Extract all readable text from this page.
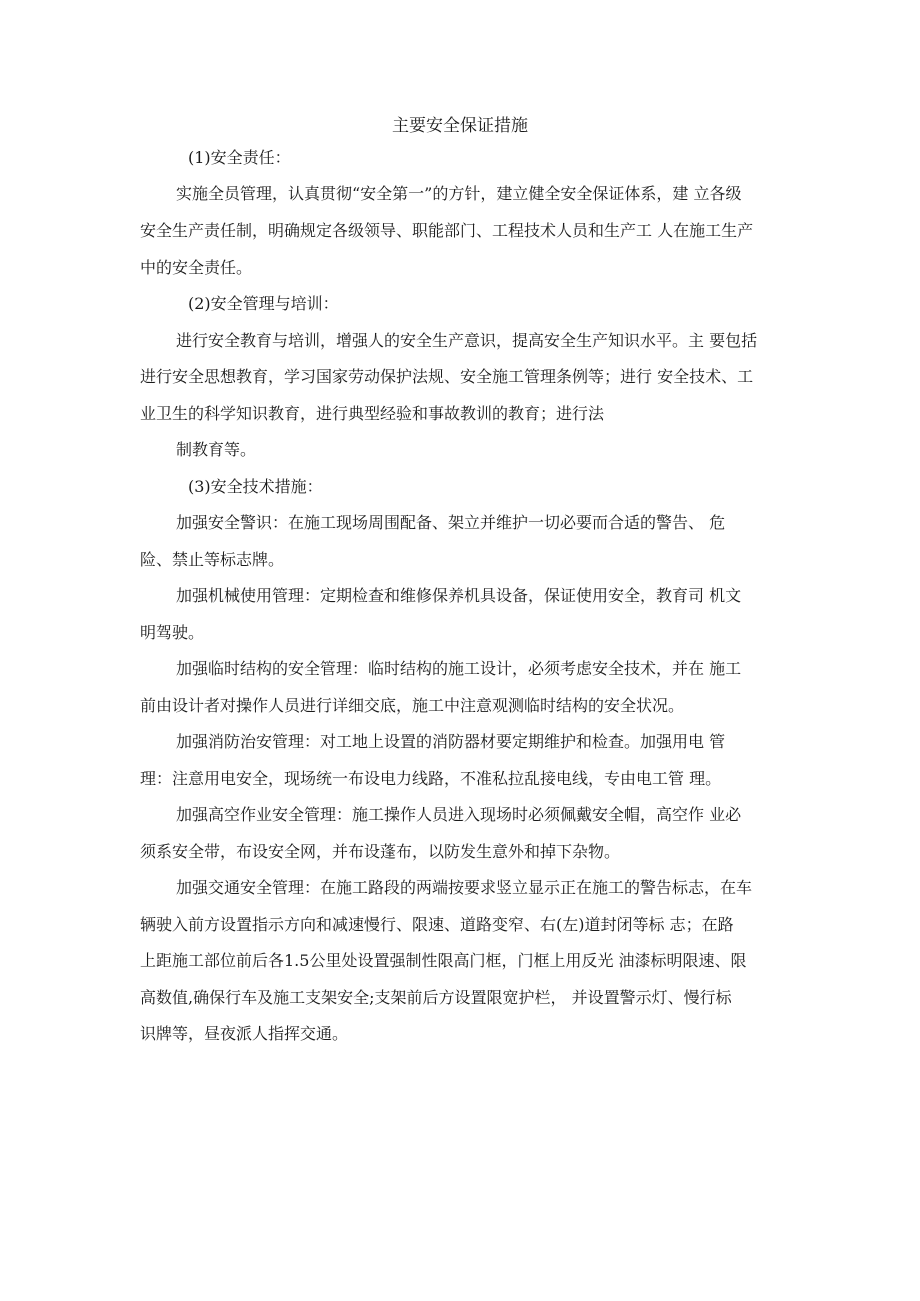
主要安全保证措施
(1)安全责任：
实施全员管理，认真贯彻“安全第一”的方针，建立健全安全保证体系，建 立各级
安全生产责任制，明确规定各级领导、职能部门、工程技术人员和生产工 人在施工生产
中的安全责任。
(2)安全管理与培训：
进行安全教育与培训，增强人的安全生产意识，提高安全生产知识水平。主 要包括
进行安全思想教育，学习国家劳动保护法规、安全施工管理条例等；进行 安全技术、工
业卫生的科学知识教育，进行典型经验和事故教训的教育；进行法
制教育等。
(3)安全技术措施：
加强安全警识：在施工现场周围配备、架立并维护一切必要而合适的警告、 危
险、禁止等标志牌。
加强机械使用管理：定期检查和维修保养机具设备，保证使用安全，教育司 机文
明驾驶。
加强临时结构的安全管理：临时结构的施工设计，必须考虑安全技术，并在 施工
前由设计者对操作人员进行详细交底，施工中注意观测临时结构的安全状况。
加强消防治安管理：对工地上设置的消防器材要定期维护和检查。加强用电 管
理：注意用电安全，现场统一布设电力线路，不准私拉乱接电线，专由电工管 理。
加强高空作业安全管理：施工操作人员进入现场时必须佩戴安全帽，高空作 业必
须系安全带，布设安全网，并布设蓬布，以防发生意外和掉下杂物。
加强交通安全管理：在施工路段的两端按要求竖立显示正在施工的警告标志，在车
辆驶入前方设置指示方向和减速慢行、限速、道路变窄、右(左)道封闭等标 志；在路
上距施工部位前后各1.5公里处设置强制性限高门框，门框上用反光 油漆标明限速、限
高数值,确保行车及施工支架安全;支架前后方设置限宽护栏， 并设置警示灯、慢行标
识牌等，昼夜派人指挥交通。
